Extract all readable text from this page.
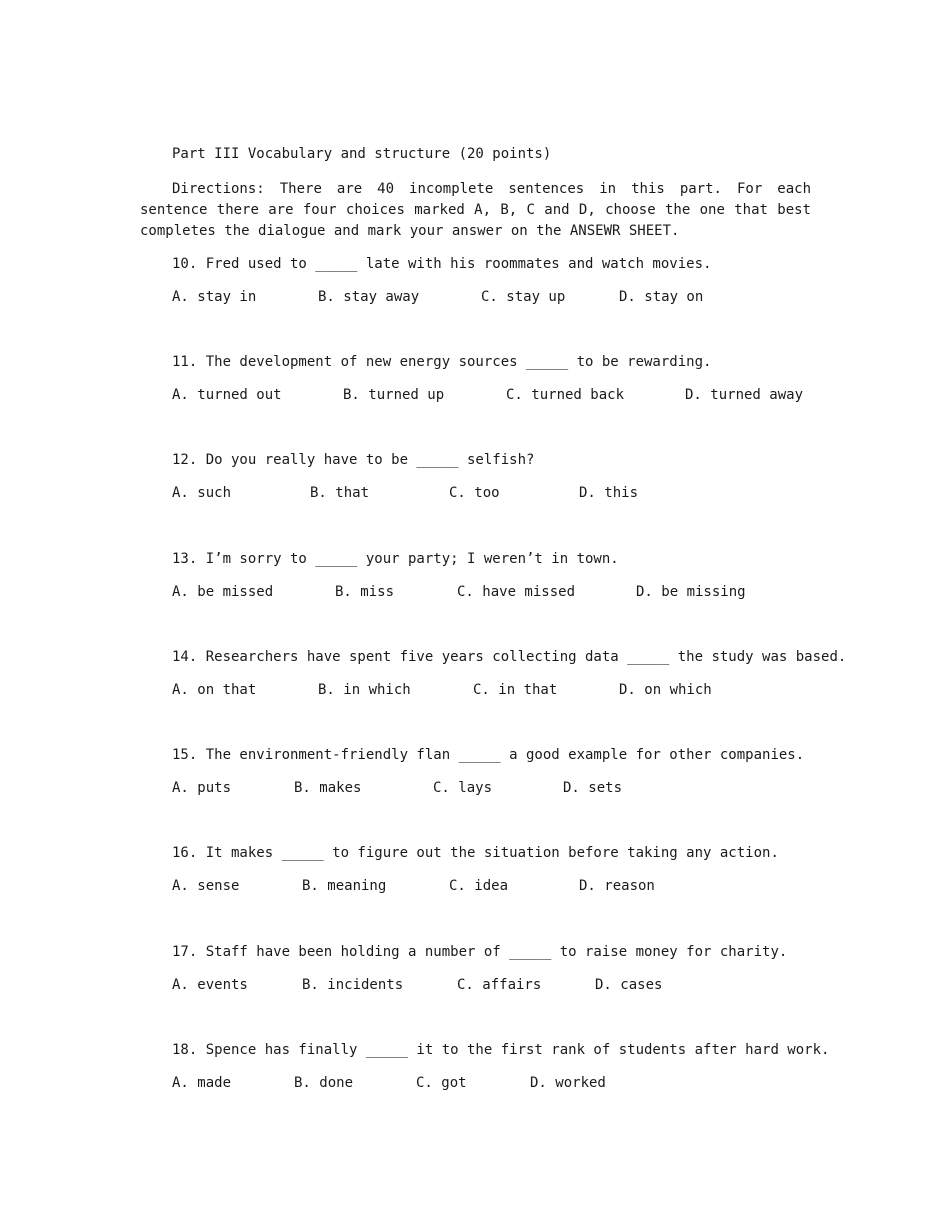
Part III Vocabulary and structure (20 points)
Directions: There are 40 incomplete sentences in this part. For each sentence there are four choices marked A, B, C and D, choose the one that best completes the dialogue and mark your answer on the ANSEWR SHEET.
10. Fred used to _____ late with his roommates and watch movies.
A. stay in	B. stay away	C. stay up	D. stay on
11. The development of new energy sources _____ to be rewarding.
A. turned out	B. turned up	C. turned back	D. turned away
12. Do you really have to be _____ selfish?
A. such	B. that	C. too	D. this
13. I’m sorry to _____ your party; I weren’t in town.
A. be missed	B. miss	C. have missed	D. be missing
14. Researchers have spent five years collecting data _____ the study was based.
A. on that	B. in which	C. in that	D. on which
15. The environment-friendly flan _____ a good example for other companies.
A. puts	B. makes	C. lays	D. sets
16. It makes _____ to figure out the situation before taking any action.
A. sense	B. meaning	C. idea	D. reason
17. Staff have been holding a number of _____ to raise money for charity.
A. events	B. incidents	C. affairs	D. cases
18. Spence has finally _____ it to the first rank of students after hard work.
A. made	B. done	C. got	D. worked
